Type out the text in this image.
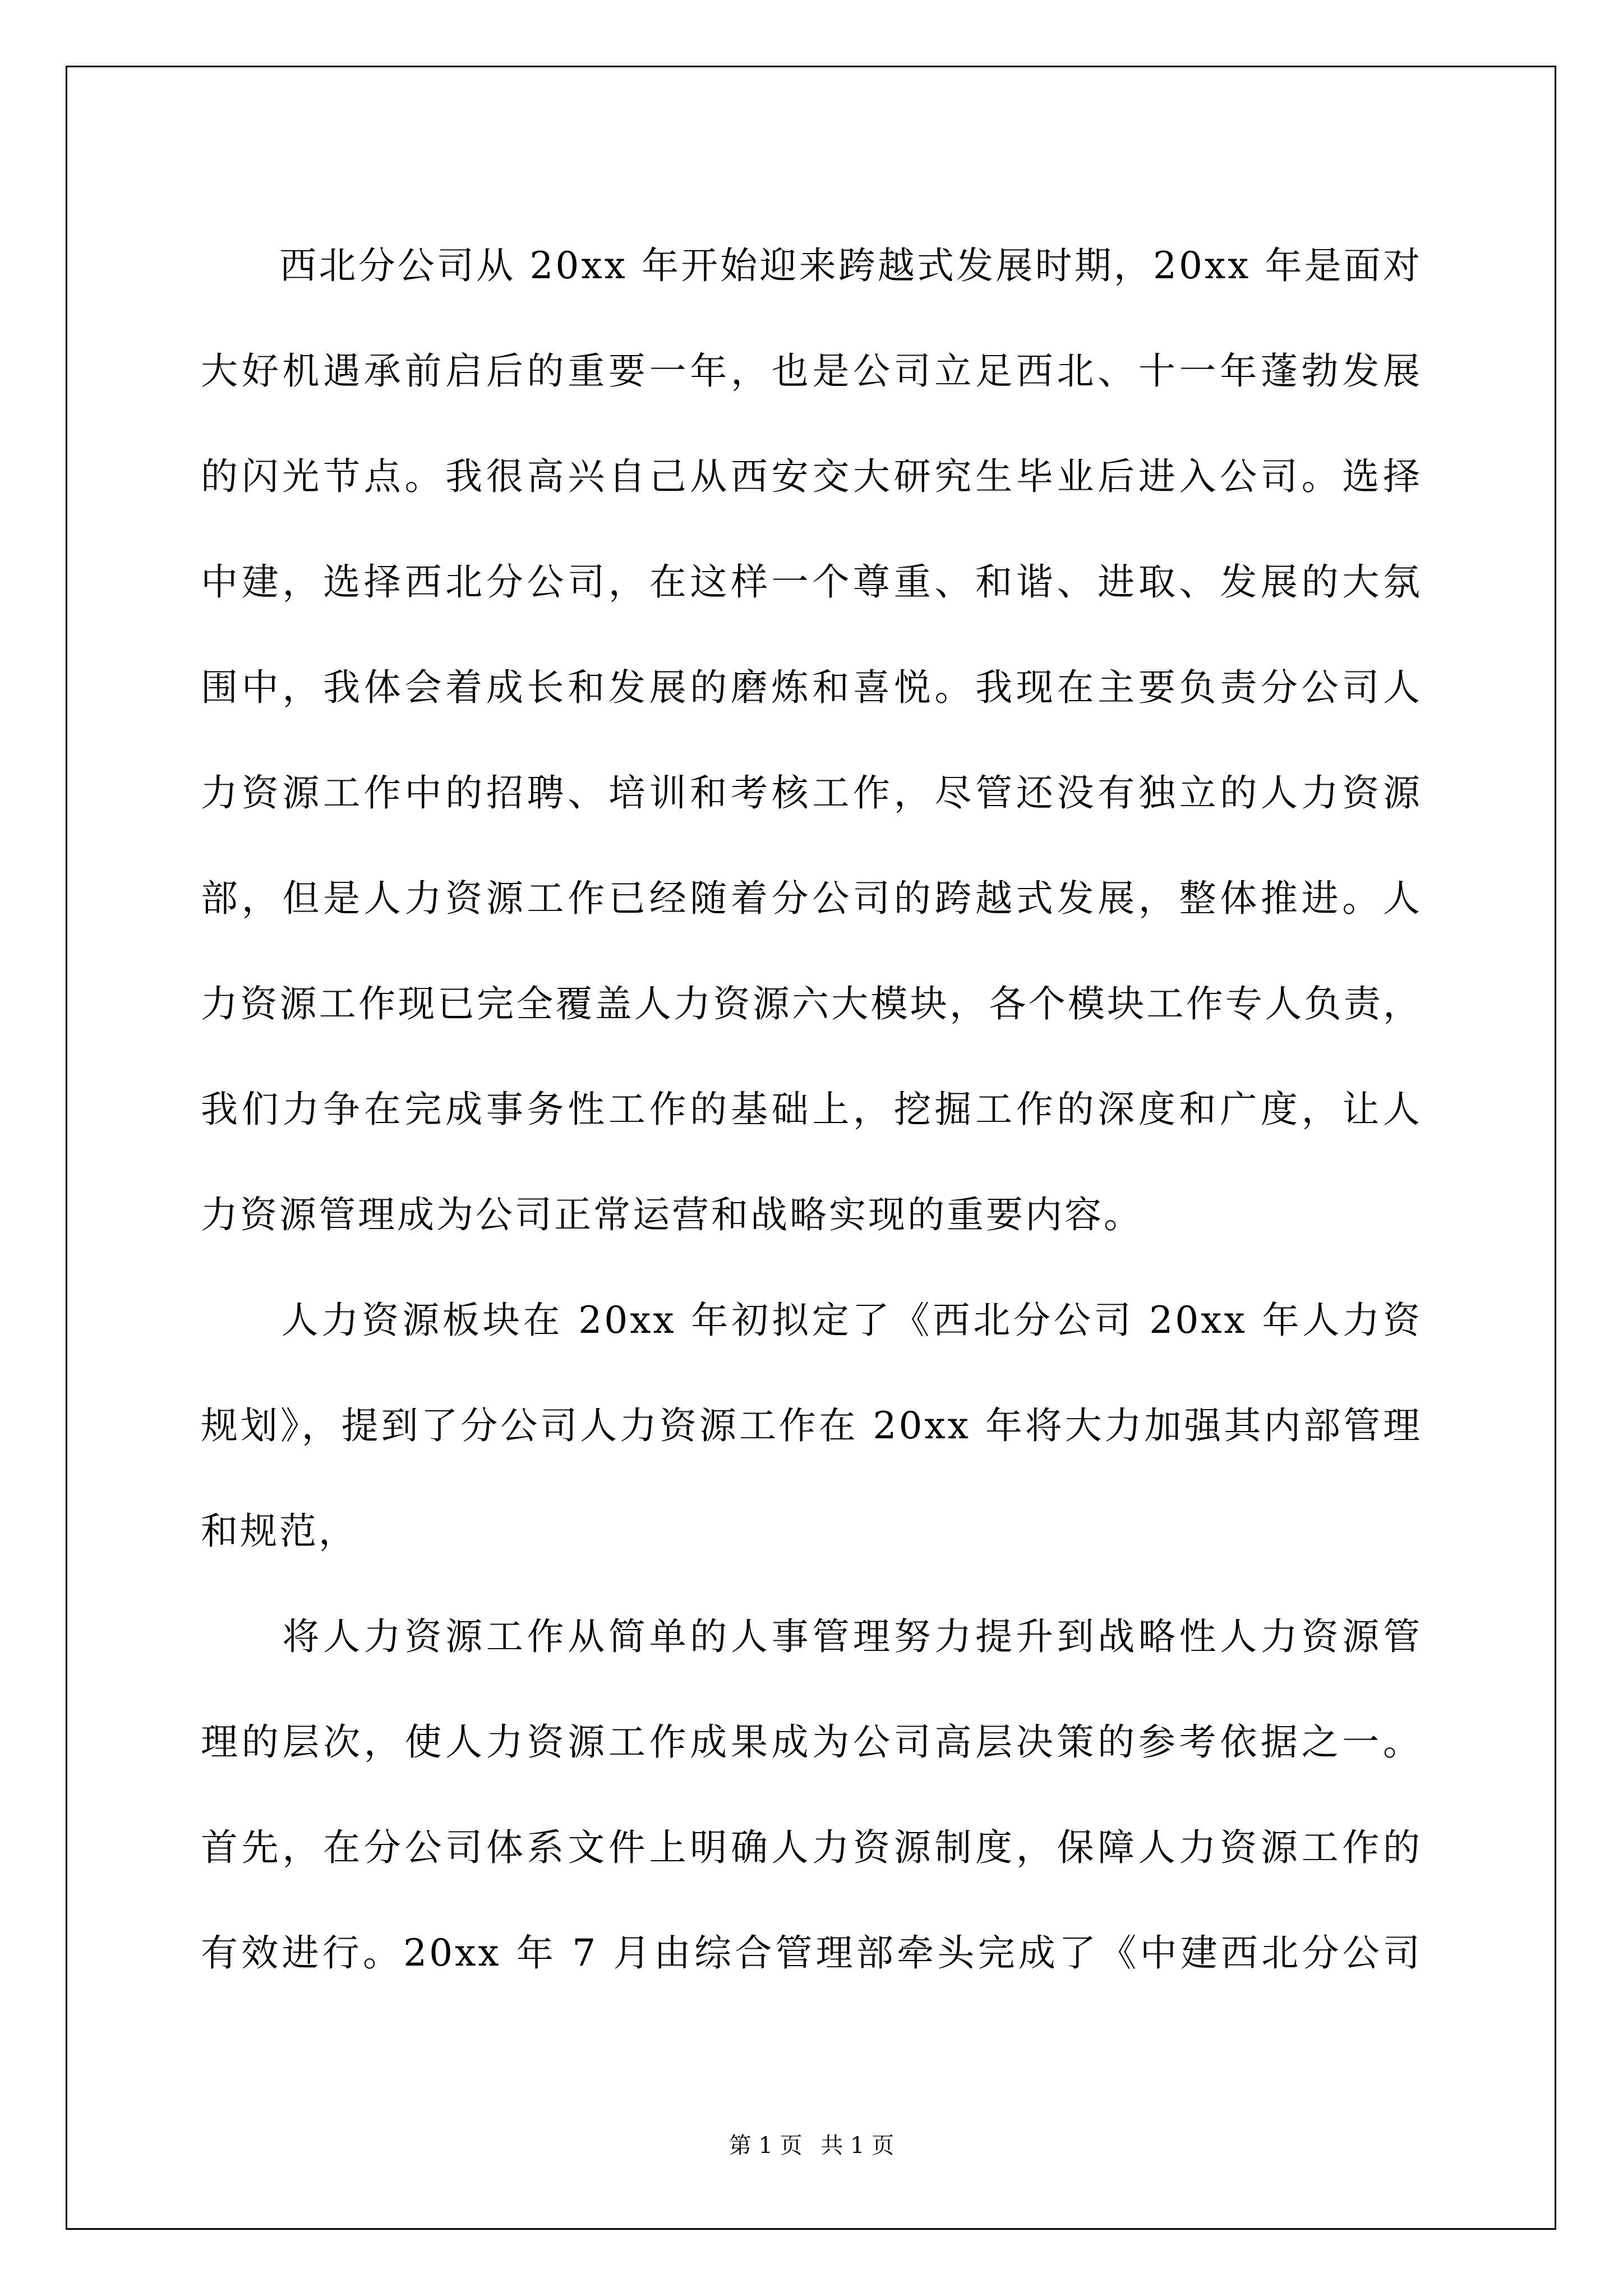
　　西北分公司从 20xx 年开始迎来跨越式发展时期，20xx 年是面对
大好机遇承前启后的重要一年，也是公司立足西北、十一年蓬勃发展
的闪光节点。我很高兴自己从西安交大研究生毕业后进入公司。选择
中建，选择西北分公司，在这样一个尊重、和谐、进取、发展的大氛
围中，我体会着成长和发展的磨炼和喜悦。我现在主要负责分公司人
力资源工作中的招聘、培训和考核工作，尽管还没有独立的人力资源
部，但是人力资源工作已经随着分公司的跨越式发展，整体推进。人
力资源工作现已完全覆盖人力资源六大模块，各个模块工作专人负责，
我们力争在完成事务性工作的基础上，挖掘工作的深度和广度，让人
力资源管理成为公司正常运营和战略实现的重要内容。
　　人力资源板块在 20xx 年初拟定了《西北分公司 20xx 年人力资
规划》，提到了分公司人力资源工作在 20xx 年将大力加强其内部管理
和规范，
　　将人力资源工作从简单的人事管理努力提升到战略性人力资源管
理的层次，使人力资源工作成果成为公司高层决策的参考依据之一。
首先，在分公司体系文件上明确人力资源制度，保障人力资源工作的
有效进行。20xx 年 7 月由综合管理部牵头完成了《中建西北分公司
第 1 页 共 1 页
